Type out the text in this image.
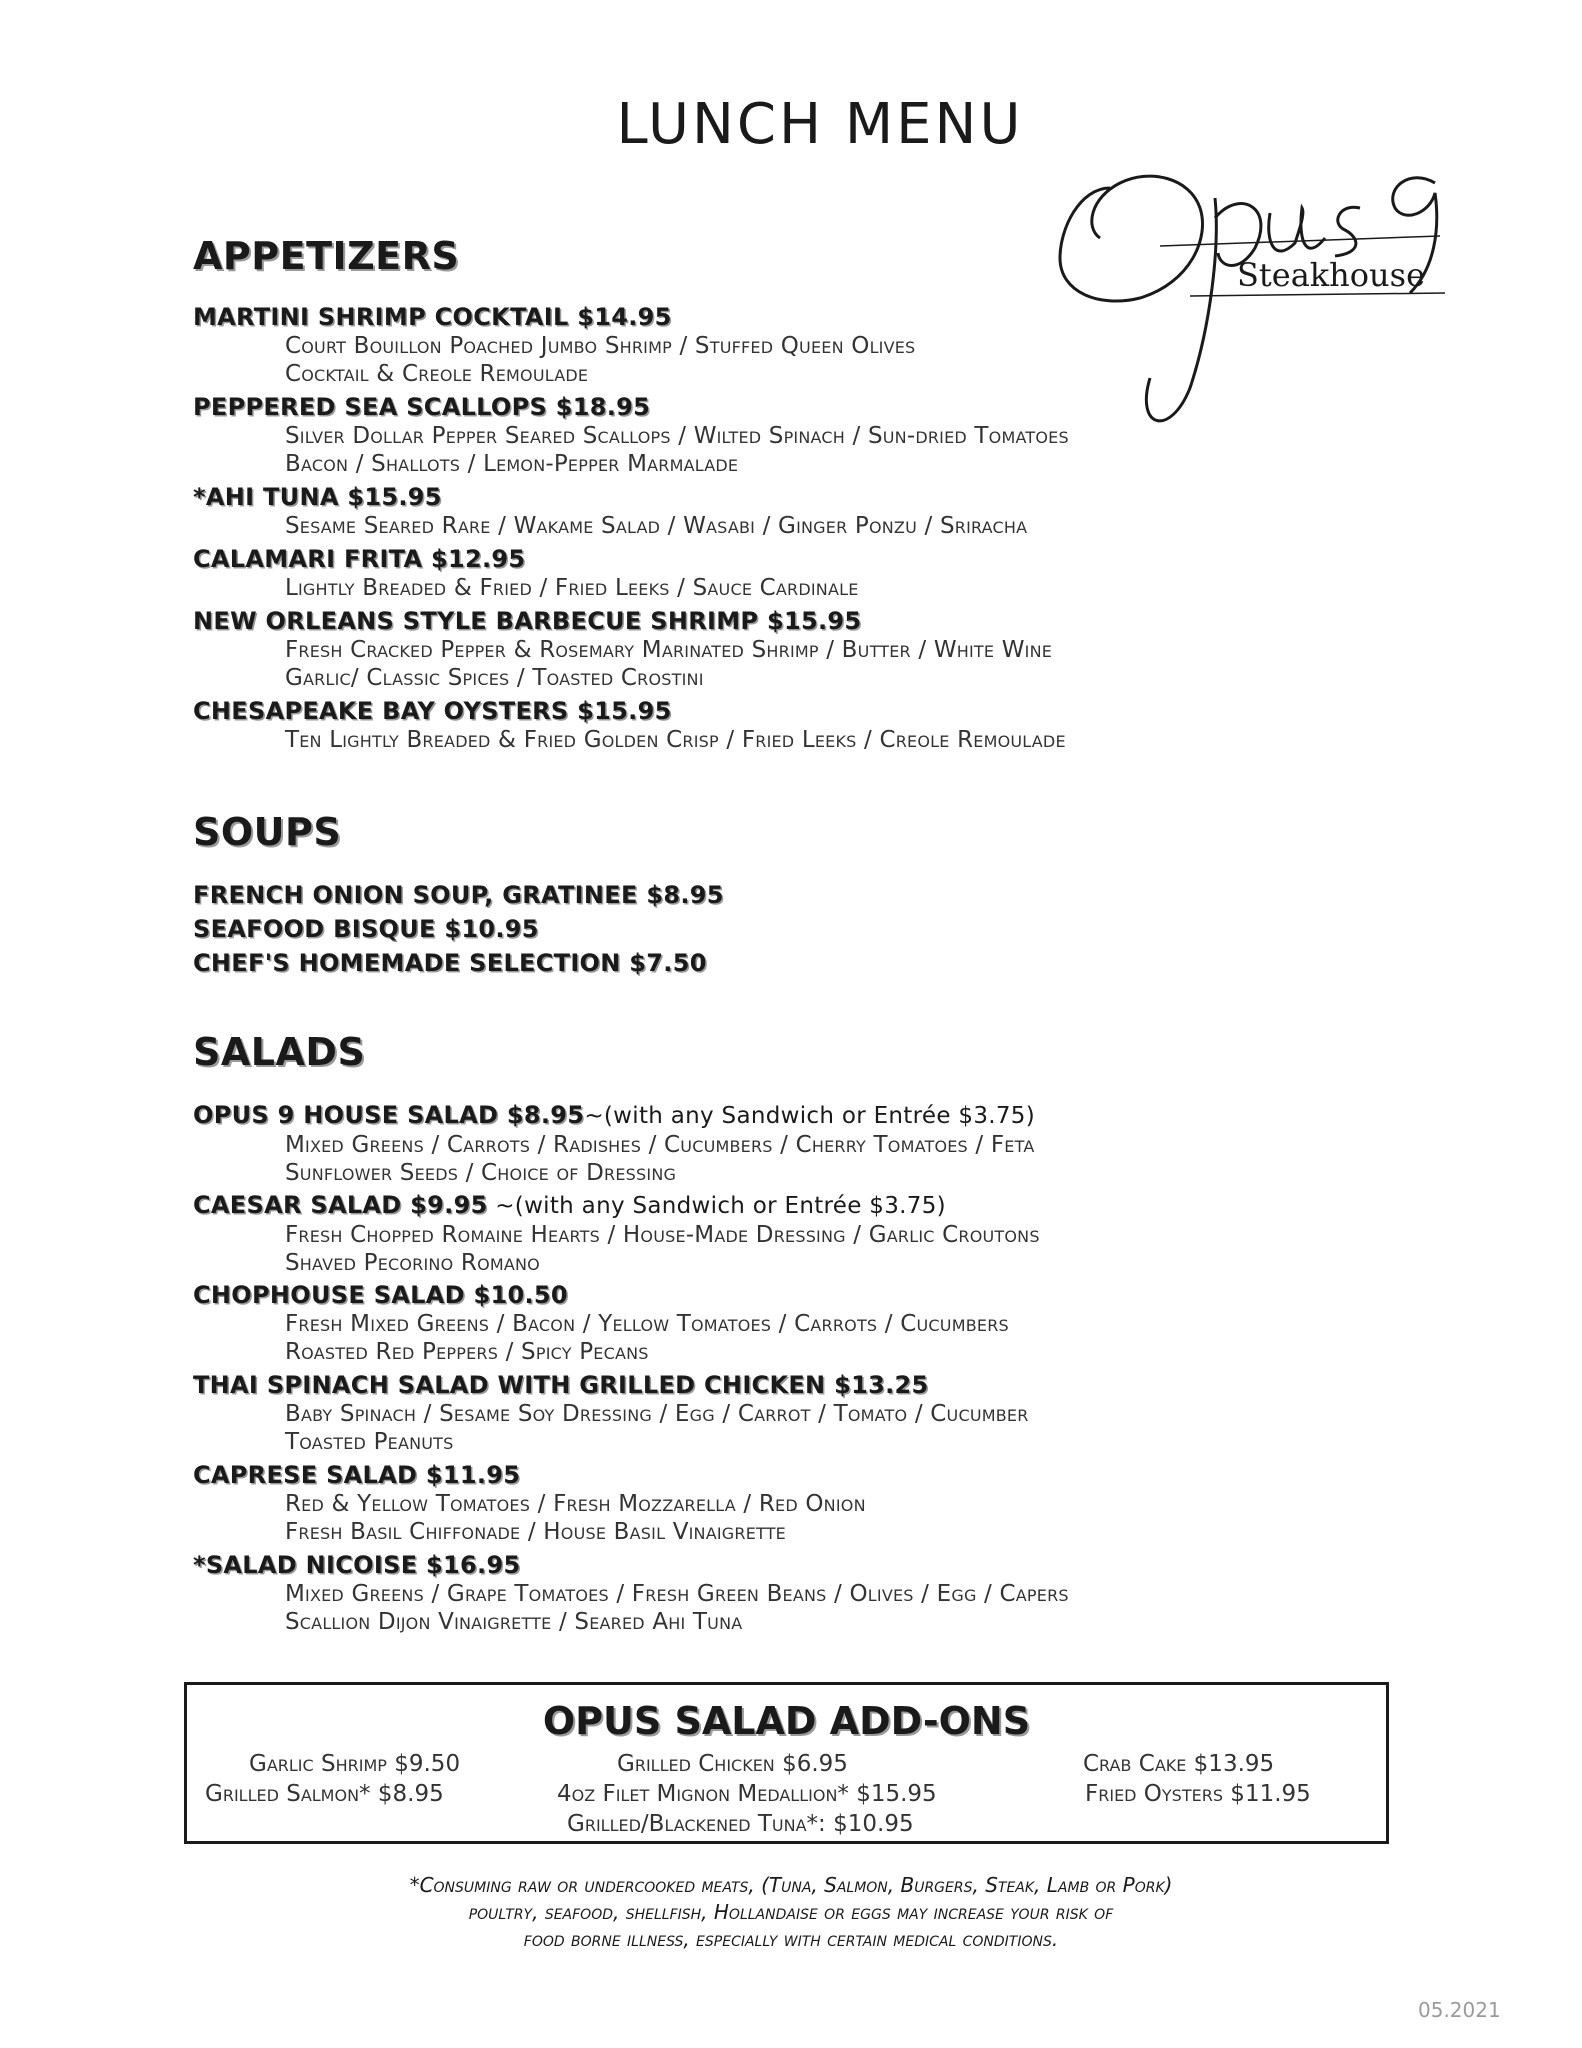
LUNCH MENU
Steakhouse
APPETIZERS
MARTINI SHRIMP COCKTAIL $14.95
Court Bouillon Poached Jumbo Shrimp / Stuffed Queen Olives
Cocktail & Creole Remoulade
PEPPERED SEA SCALLOPS $18.95
Silver Dollar Pepper Seared Scallops / Wilted Spinach / Sun-dried Tomatoes
Bacon / Shallots / Lemon-Pepper Marmalade
*AHI TUNA $15.95
Sesame Seared Rare / Wakame Salad / Wasabi / Ginger Ponzu / Sriracha
CALAMARI FRITA $12.95
Lightly Breaded & Fried / Fried Leeks / Sauce Cardinale
NEW ORLEANS STYLE BARBECUE SHRIMP $15.95
Fresh Cracked Pepper & Rosemary Marinated Shrimp / Butter / White Wine
Garlic/ Classic Spices / Toasted Crostini
CHESAPEAKE BAY OYSTERS $15.95
Ten Lightly Breaded & Fried Golden Crisp / Fried Leeks / Creole Remoulade
SOUPS
FRENCH ONION SOUP, GRATINEE $8.95
SEAFOOD BISQUE $10.95
CHEF'S HOMEMADE SELECTION $7.50
SALADS
OPUS 9 HOUSE SALAD $8.95~(with any Sandwich or Entrée $3.75)
Mixed Greens / Carrots / Radishes / Cucumbers / Cherry Tomatoes / Feta
Sunflower Seeds / Choice of Dressing
CAESAR SALAD $9.95 ~(with any Sandwich or Entrée $3.75)
Fresh Chopped Romaine Hearts / House-Made Dressing / Garlic Croutons
Shaved Pecorino Romano
CHOPHOUSE SALAD $10.50
Fresh Mixed Greens / Bacon / Yellow Tomatoes / Carrots / Cucumbers
Roasted Red Peppers / Spicy Pecans
THAI SPINACH SALAD WITH GRILLED CHICKEN $13.25
Baby Spinach / Sesame Soy Dressing / Egg / Carrot / Tomato / Cucumber
Toasted Peanuts
CAPRESE SALAD $11.95
Red & Yellow Tomatoes / Fresh Mozzarella / Red Onion
Fresh Basil Chiffonade / House Basil Vinaigrette
*SALAD NICOISE $16.95
Mixed Greens / Grape Tomatoes / Fresh Green Beans / Olives / Egg / Capers
Scallion Dijon Vinaigrette / Seared Ahi Tuna
OPUS SALAD ADD-ONS
Garlic Shrimp $9.50	Grilled Chicken $6.95	Crab Cake $13.95
Grilled Salmon* $8.95	4oz Filet Mignon Medallion* $15.95	Fried Oysters $11.95
Grilled/Blackened Tuna*: $10.95
*Consuming raw or undercooked meats, (Tuna, Salmon, Burgers, Steak, Lamb or Pork)
poultry, seafood, shellfish, Hollandaise or eggs may increase your risk of
food borne illness, especially with certain medical conditions.
05.2021
